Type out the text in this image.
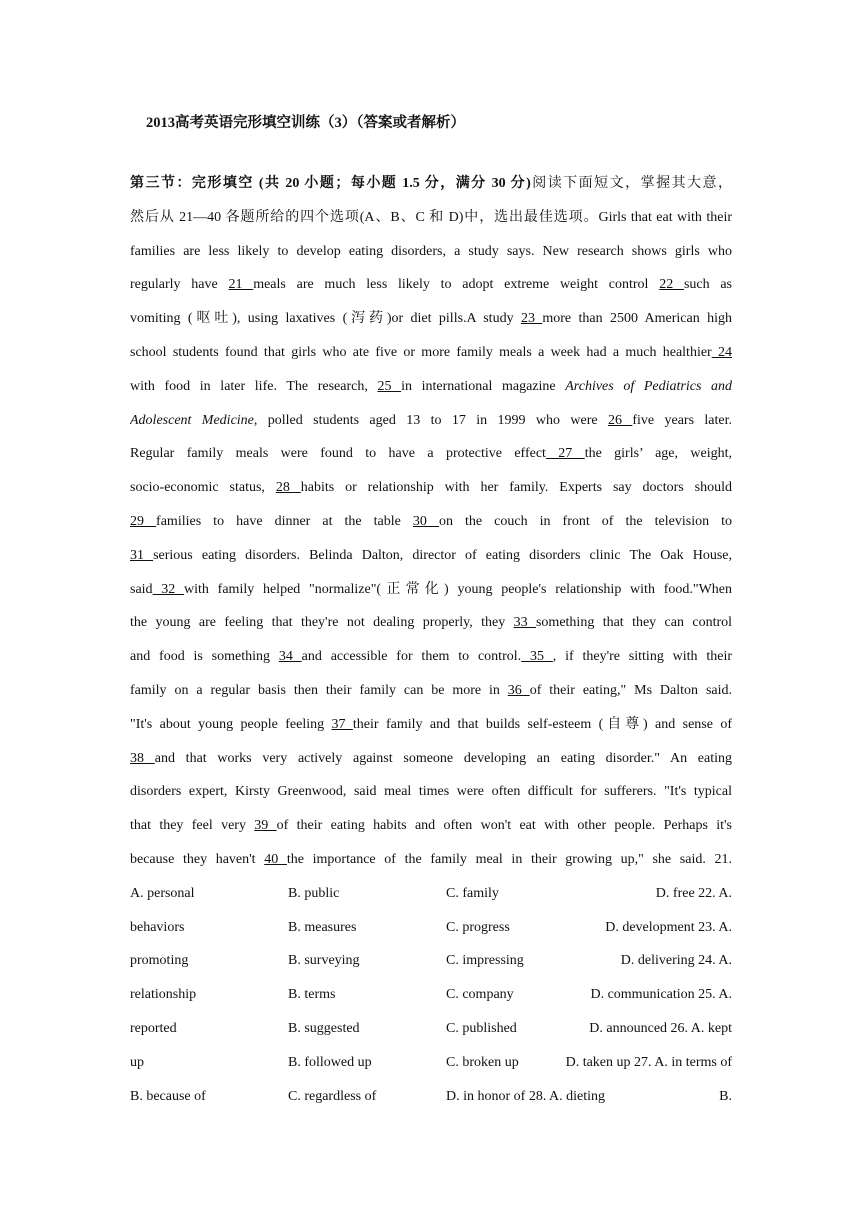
2013高考英语完形填空训练（3）（答案或者解析）
第三节：完形填空 (共 20 小题；每小题 1.5 分，满分 30 分)阅读下面短文，掌握其大意，
然后从 21—40 各题所给的四个选项(A、B、C 和 D)中，选出最佳选项。Girls that eat with their
families are less likely to develop eating disorders, a study says. New research shows girls who
regularly have 21 meals are much less likely to adopt extreme weight control 22 such as
vomiting (呕吐), using laxatives (泻药)or diet pills.A study 23 more than 2500 American high
school students found that girls who ate five or more family meals a week had a much healthier 24
with food in later life. The research, 25 in international magazine Archives of Pediatrics and
Adolescent Medicine, polled students aged 13 to 17 in 1999 who were 26 five years later.
Regular family meals were found to have a protective effect 27 the girls’ age, weight,
socio-economic status, 28 habits or relationship with her family. Experts say doctors should
29 families to have dinner at the table 30 on the couch in front of the television to
31 serious eating disorders. Belinda Dalton, director of eating disorders clinic The Oak House,
said 32 with family helped "normalize"(正常化) young people's relationship with food."When
the young are feeling that they're not dealing properly, they 33 something that they can control
and food is something 34 and accessible for them to control. 35 , if they're sitting with their
family on a regular basis then their family can be more in 36 of their eating," Ms Dalton said.
"It's about young people feeling 37 their family and that builds self-esteem (自尊) and sense of
38 and that works very actively against someone developing an eating disorder." An eating
disorders expert, Kirsty Greenwood, said meal times were often difficult for sufferers. "It's typical
that they feel very 39 of their eating habits and often won't eat with other people. Perhaps it's
because they haven't 40 the importance of the family meal in their growing up," she said. 21.
A. personal	B. public	C. family	D. free 22. A.
behaviors	B. measures	C. progress	D. development 23. A.
promoting	B. surveying	C. impressing	D. delivering 24. A.
relationship	B. terms	C. company	D. communication 25. A.
reported	B. suggested	C. published	D. announced 26. A. kept
up	B. followed up	C. broken up	D. taken up 27. A. in terms of
B. because of	C. regardless of	D. in honor of 28. A. dieting	B.
